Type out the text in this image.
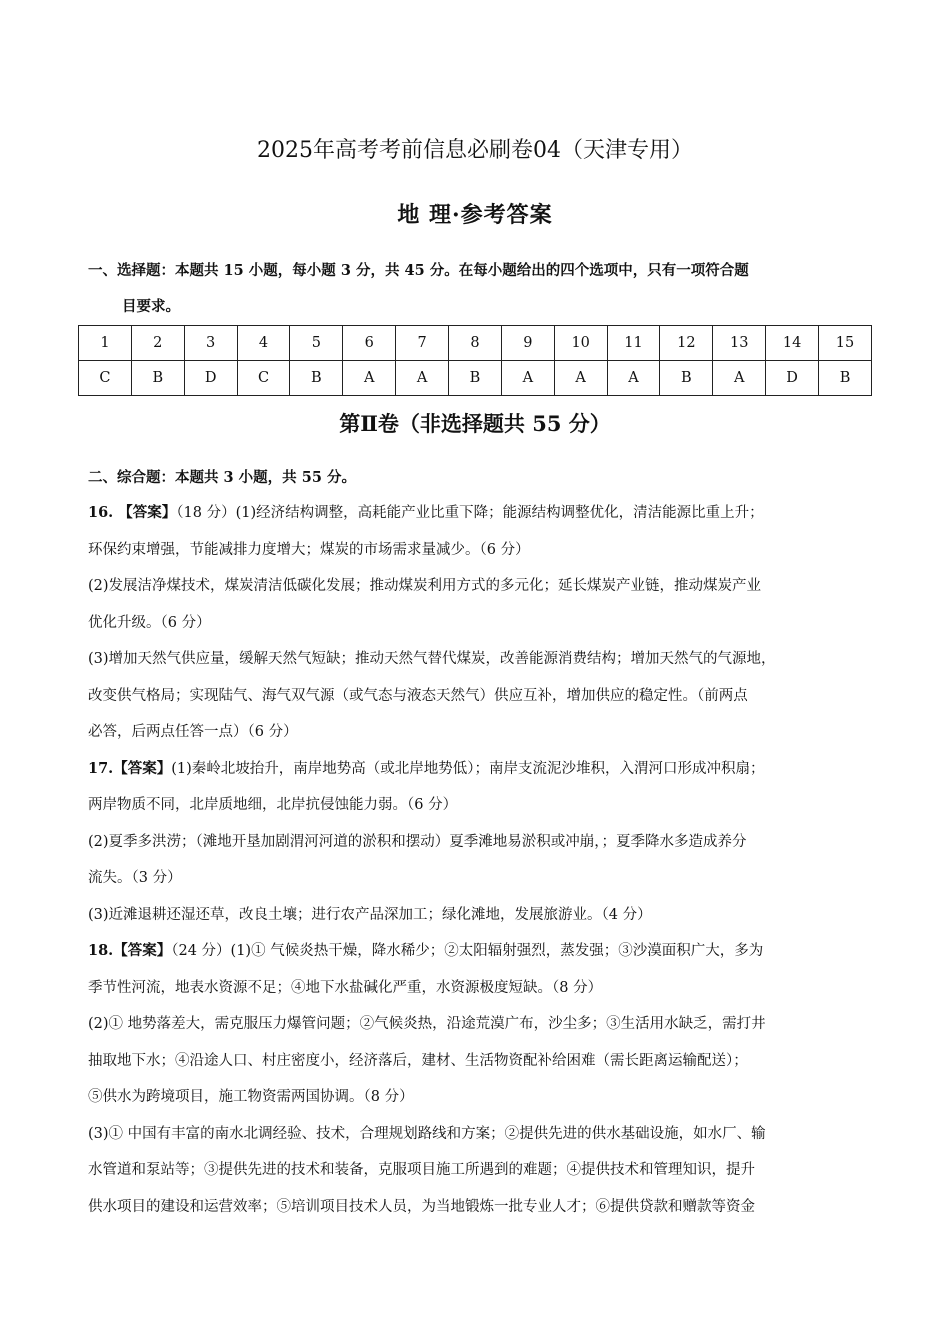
2025年高考考前信息必刷卷04（天津专用）
地 理·参考答案
一、选择题：本题共 15 小题，每小题 3 分，共 45 分。在每小题给出的四个选项中，只有一项符合题
目要求。
1	2	3	4	5	6	7	8	9	10	11	12	13	14	15
C	B	D	C	B	A	A	B	A	A	A	B	A	D	B
第Ⅱ卷（非选择题共 55 分）
二、综合题：本题共 3 小题，共 55 分。

16. 【答案】（18 分）(1)经济结构调整，高耗能产业比重下降；能源结构调整优化，清洁能源比重上升；

环保约束增强，节能减排力度增大；煤炭的市场需求量减少。（6 分）

(2)发展洁净煤技术，煤炭清洁低碳化发展；推动煤炭利用方式的多元化；延长煤炭产业链，推动煤炭产业

优化升级。（6 分）

(3)增加天然气供应量，缓解天然气短缺；推动天然气替代煤炭，改善能源消费结构；增加天然气的气源地，

改变供气格局；实现陆气、海气双气源（或气态与液态天然气）供应互补，增加供应的稳定性。（前两点

必答，后两点任答一点）（6 分）

17.【答案】(1)秦岭北坡抬升，南岸地势高（或北岸地势低）；南岸支流泥沙堆积，入渭河口形成冲积扇；

两岸物质不同，北岸质地细，北岸抗侵蚀能力弱。（6 分）

(2)夏季多洪涝；（滩地开垦加剧渭河河道的淤积和摆动）夏季滩地易淤积或冲崩，；夏季降水多造成养分

流失。（3 分）

(3)近滩退耕还湿还草，改良土壤；进行农产品深加工；绿化滩地，发展旅游业。（4 分）

18.【答案】（24 分）(1)① 气候炎热干燥，降水稀少；②太阳辐射强烈，蒸发强；③沙漠面积广大，多为

季节性河流，地表水资源不足；④地下水盐碱化严重，水资源极度短缺。（8 分）

(2)① 地势落差大，需克服压力爆管问题；②气候炎热，沿途荒漠广布，沙尘多；③生活用水缺乏，需打井

抽取地下水；④沿途人口、村庄密度小，经济落后，建材、生活物资配补给困难（需长距离运输配送）；

⑤供水为跨境项目，施工物资需两国协调。（8 分）

(3)① 中国有丰富的南水北调经验、技术，合理规划路线和方案；②提供先进的供水基础设施，如水厂、输

水管道和泵站等；③提供先进的技术和装备，克服项目施工所遇到的难题；④提供技术和管理知识，提升

供水项目的建设和运营效率；⑤培训项目技术人员，为当地锻炼一批专业人才；⑥提供贷款和赠款等资金
